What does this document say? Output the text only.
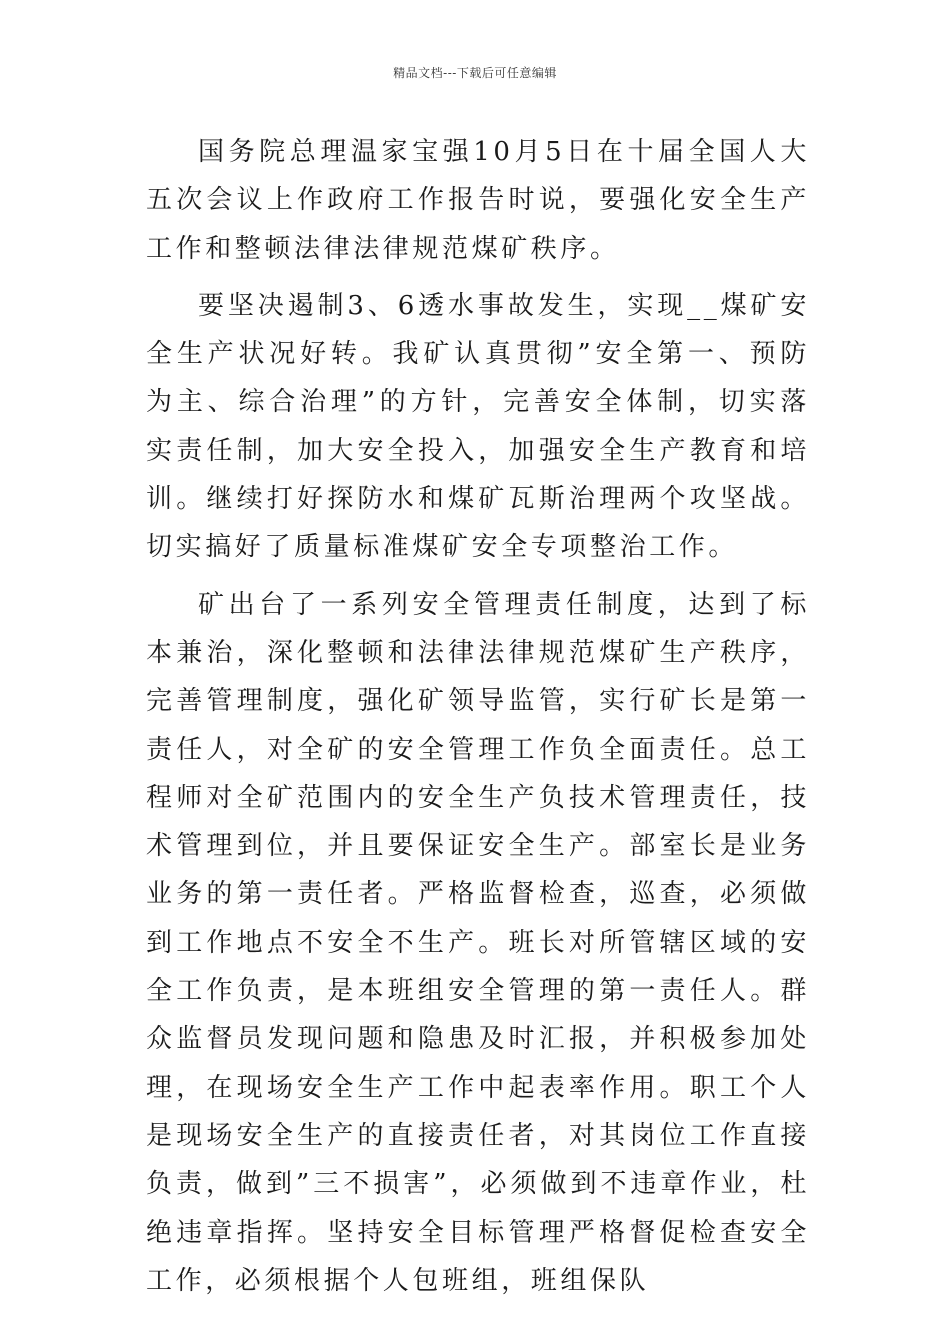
精品文档---下载后可任意编辑

国务院总理温家宝强10月5日在十届全国人大五次会议上作政府工作报告时说，要强化安全生产工作和整顿法律法律规范煤矿秩序。

要坚决遏制3、6透水事故发生，实现__煤矿安全生产状况好转。我矿认真贯彻”安全第一、预防为主、综合治理”的方针，完善安全体制，切实落实责任制，加大安全投入，加强安全生产教育和培训。继续打好探防水和煤矿瓦斯治理两个攻坚战。切实搞好了质量标准煤矿安全专项整治工作。

矿出台了一系列安全管理责任制度，达到了标本兼治，深化整顿和法律法律规范煤矿生产秩序，完善管理制度，强化矿领导监管，实行矿长是第一责任人，对全矿的安全管理工作负全面责任。总工程师对全矿范围内的安全生产负技术管理责任，技术管理到位，并且要保证安全生产。部室长是业务业务的第一责任者。严格监督检查，巡查，必须做到工作地点不安全不生产。班长对所管辖区域的安全工作负责，是本班组安全管理的第一责任人。群众监督员发现问题和隐患及时汇报，并积极参加处理，在现场安全生产工作中起表率作用。职工个人是现场安全生产的直接责任者，对其岗位工作直接负责，做到”三不损害”，必须做到不违章作业，杜绝违章指挥。坚持安全目标管理严格督促检查安全工作，必须根据个人包班组，班组保队
